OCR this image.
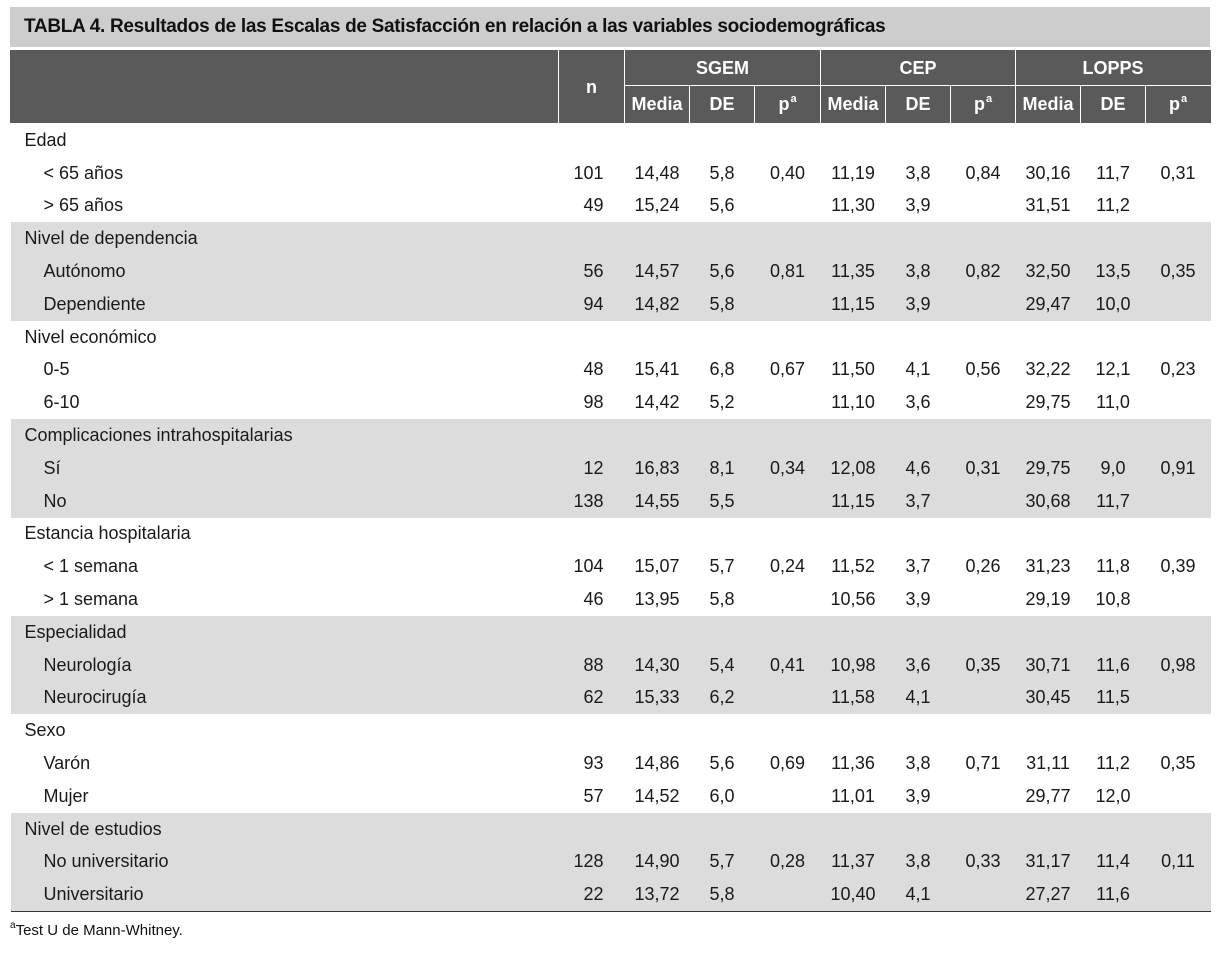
TABLA 4. Resultados de las Escalas de Satisfacción en relación a las variables sociodemográficas
	n	SGEM			CEP			LOPPS		
		Media	DE	$p^a$	Media	DE	$p^a$	Media	DE	$p^a$
Edad										
< 65 años	101	14,48	5,8	0,40	11,19	3,8	0,84	30,16	11,7	0,31
> 65 años	49	15,24	5,6		11,30	3,9		31,51	11,2	
Nivel de dependencia										
Autónomo	56	14,57	5,6	0,81	11,35	3,8	0,82	32,50	13,5	0,35
Dependiente	94	14,82	5,8		11,15	3,9		29,47	10,0	
Nivel económico										
0-5	48	15,41	6,8	0,67	11,50	4,1	0,56	32,22	12,1	0,23
6-10	98	14,42	5,2		11,10	3,6		29,75	11,0	
Complicaciones intrahospitalarias										
Sí	12	16,83	8,1	0,34	12,08	4,6	0,31	29,75	9,0	0,91
No	138	14,55	5,5		11,15	3,7		30,68	11,7	
Estancia hospitalaria										
< 1 semana	104	15,07	5,7	0,24	11,52	3,7	0,26	31,23	11,8	0,39
> 1 semana	46	13,95	5,8		10,56	3,9		29,19	10,8	
Especialidad										
Neurología	88	14,30	5,4	0,41	10,98	3,6	0,35	30,71	11,6	0,98
Neurocirugía	62	15,33	6,2		11,58	4,1		30,45	11,5	
Sexo										
Varón	93	14,86	5,6	0,69	11,36	3,8	0,71	31,11	11,2	0,35
Mujer	57	14,52	6,0		11,01	3,9		29,77	12,0	
Nivel de estudios										
No universitario	128	14,90	5,7	0,28	11,37	3,8	0,33	31,17	11,4	0,11
Universitario	22	13,72	5,8		10,40	4,1		27,27	11,6	
$^a$Test U de Mann-Whitney.
